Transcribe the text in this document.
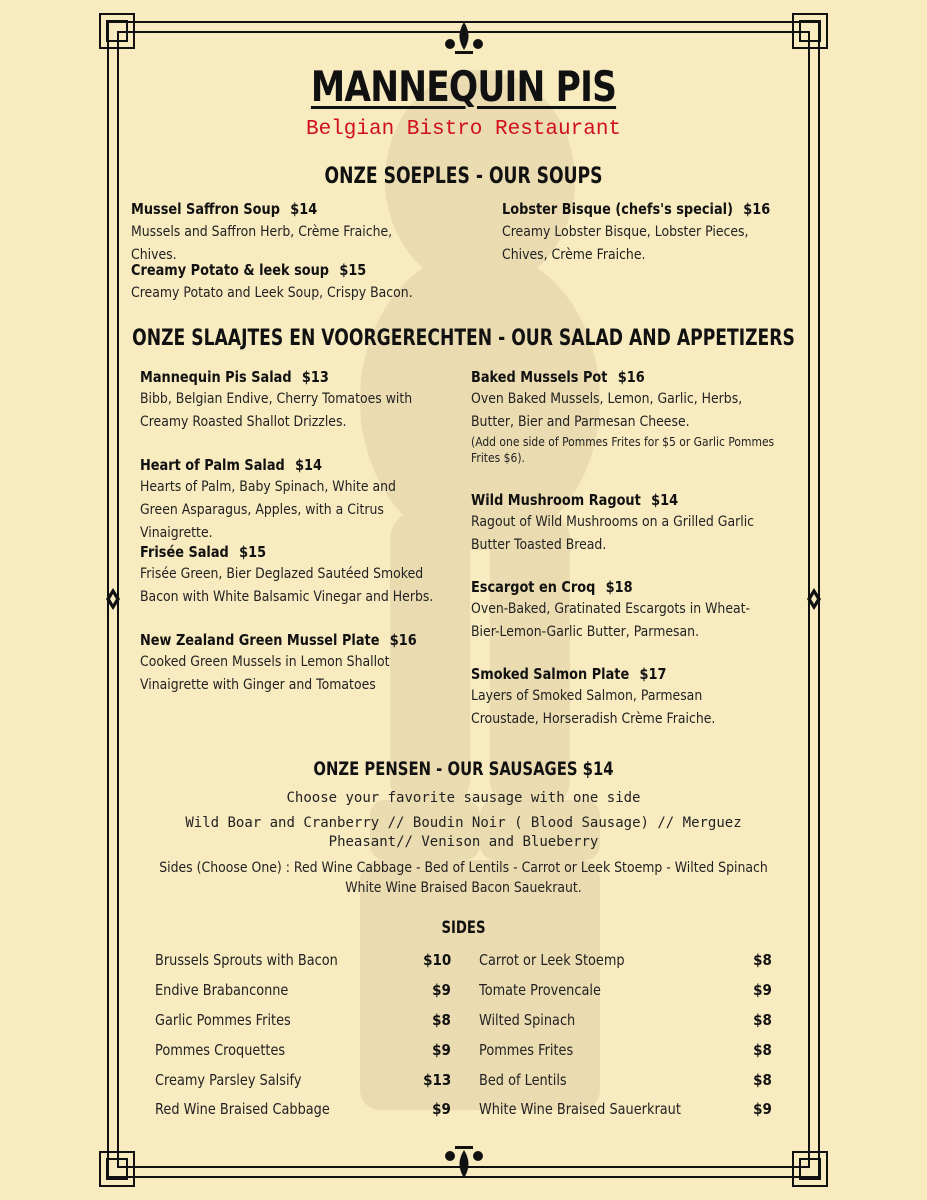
MANNEQUIN PIS
Belgian Bistro Restaurant
ONZE SOEPLES - OUR SOUPS
Mussel Saffron Soup $14
Mussels and Saffron Herb, Crème Fraiche, Chives.
Creamy Potato & leek soup $15
Creamy Potato and Leek Soup, Crispy Bacon.
Lobster Bisque (chefs's special) $16
Creamy Lobster Bisque, Lobster Pieces, Chives, Crème Fraiche.
ONZE SLAAJTES EN VOORGERECHTEN - OUR SALAD AND APPETIZERS
Mannequin Pis Salad $13
Bibb, Belgian Endive, Cherry Tomatoes with Creamy Roasted Shallot Drizzles.
Heart of Palm Salad $14
Hearts of Palm, Baby Spinach, White and Green Asparagus, Apples, with a Citrus Vinaigrette.
Frisée Salad $15
Frisée Green, Bier Deglazed Sautéed Smoked Bacon with White Balsamic Vinegar and Herbs.
New Zealand Green Mussel Plate $16
Cooked Green Mussels in Lemon Shallot Vinaigrette with Ginger and Tomatoes
Baked Mussels Pot $16
Oven Baked Mussels, Lemon, Garlic, Herbs, Butter, Bier and Parmesan Cheese.
(Add one side of Pommes Frites for $5 or Garlic Pommes Frites $6).
Wild Mushroom Ragout $14
Ragout of Wild Mushrooms on a Grilled Garlic Butter Toasted Bread.
Escargot en Croq $18
Oven-Baked, Gratinated Escargots in Wheat-Bier-Lemon-Garlic Butter, Parmesan.
Smoked Salmon Plate $17
Layers of Smoked Salmon, Parmesan Croustade, Horseradish Crème Fraiche.
ONZE PENSEN - OUR SAUSAGES $14
Choose your favorite sausage with one side
Wild Boar and Cranberry // Boudin Noir ( Blood Sausage) // Merguez
Pheasant// Venison and Blueberry
Sides (Choose One) : Red Wine Cabbage - Bed of Lentils - Carrot or Leek Stoemp - Wilted Spinach
White Wine Braised Bacon Sauekraut.
SIDES
Brussels Sprouts with Bacon	$10
Endive Brabanconne	$9
Garlic Pommes Frites	$8
Pommes Croquettes	$9
Creamy Parsley Salsify	$13
Red Wine Braised Cabbage	$9
Carrot or Leek Stoemp	$8
Tomate Provencale	$9
Wilted Spinach	$8
Pommes Frites	$8
Bed of Lentils	$8
White Wine Braised Sauerkraut	$9
